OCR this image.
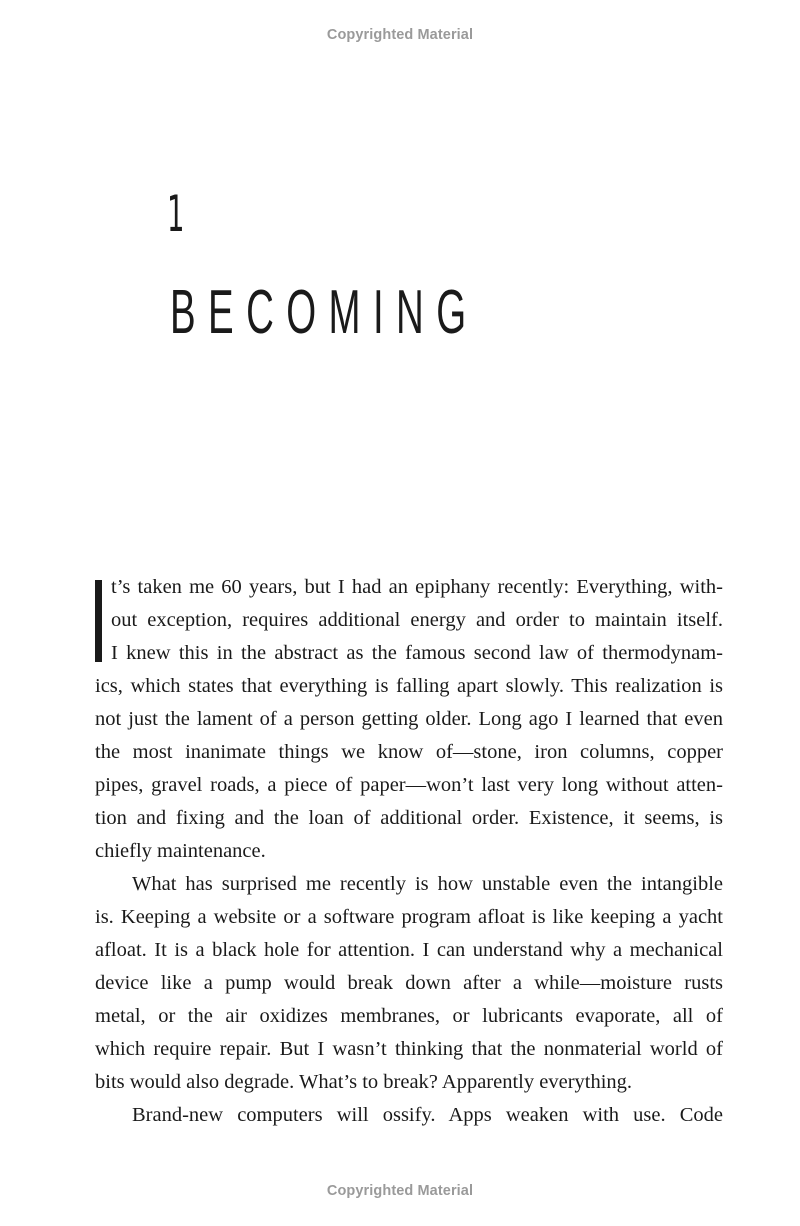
Copyrighted Material
1
BECOMING
t’s taken me 60 years, but I had an epiphany recently: Everything, with-
out exception, requires additional energy and order to maintain itself.
I knew this in the abstract as the famous second law of thermodynam-
ics, which states that everything is falling apart slowly. This realization is
not just the lament of a person getting older. Long ago I learned that even
the most inanimate things we know of—stone, iron columns, copper
pipes, gravel roads, a piece of paper—won’t last very long without atten-
tion and fixing and the loan of additional order. Existence, it seems, is
chiefly maintenance.
What has surprised me recently is how unstable even the intangible
is. Keeping a website or a software program afloat is like keeping a yacht
afloat. It is a black hole for attention. I can understand why a mechanical
device like a pump would break down after a while—moisture rusts
metal, or the air oxidizes membranes, or lubricants evaporate, all of
which require repair. But I wasn’t thinking that the nonmaterial world of
bits would also degrade. What’s to break? Apparently everything.
Brand-new computers will ossify. Apps weaken with use. Code
Copyrighted Material
